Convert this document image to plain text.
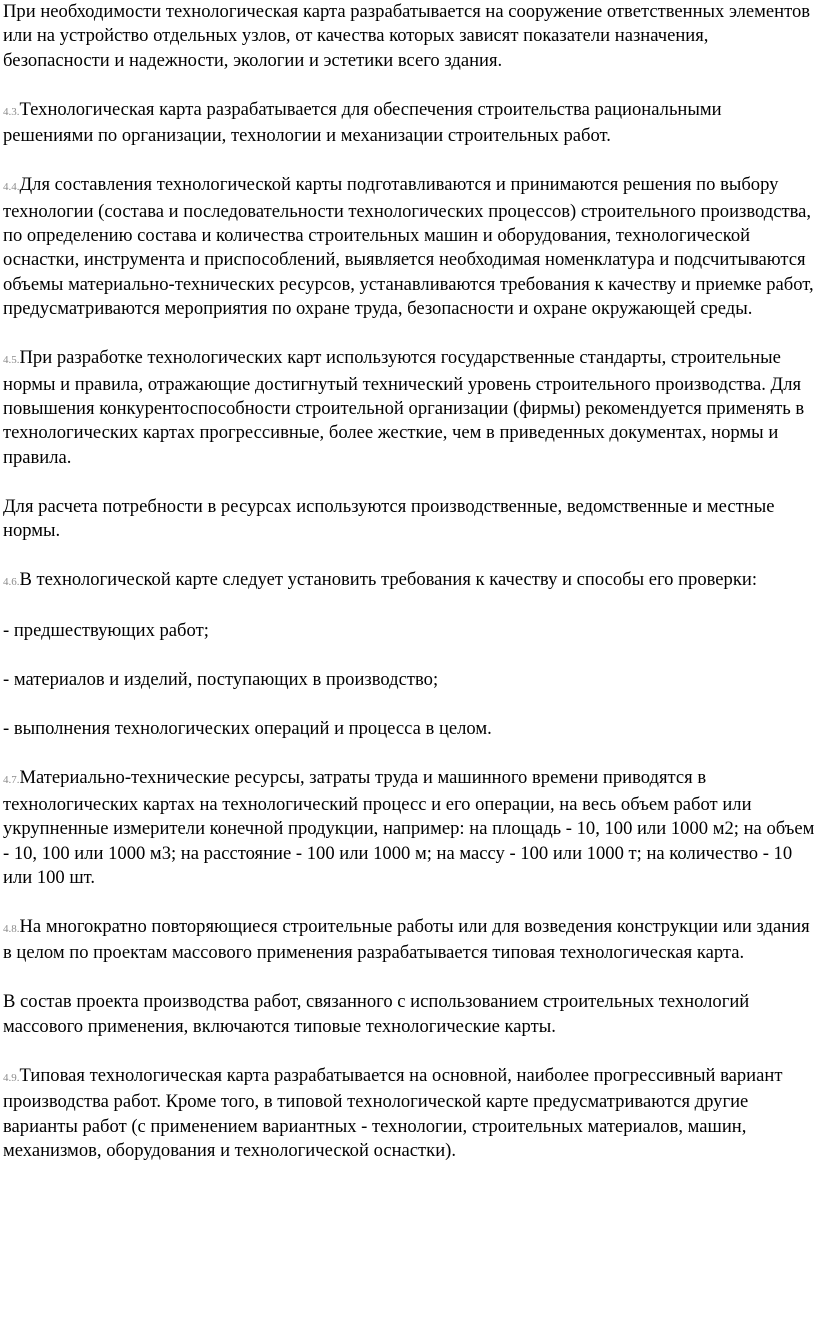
При необходимости технологическая карта разрабатывается на сооружение ответственных элементов или на устройство отдельных узлов, от качества которых зависят показатели назначения, безопасности и надежности, экологии и эстетики всего здания.

4.3.Технологическая карта разрабатывается для обеспечения строительства рациональными решениями по организации, технологии и механизации строительных работ.

4.4.Для составления технологической карты подготавливаются и принимаются решения по выбору технологии (состава и последовательности технологических процессов) строительного производства, по определению состава и количества строительных машин и оборудования, технологической оснастки, инструмента и приспособлений, выявляется необходимая номенклатура и подсчитываются объемы материально-технических ресурсов, устанавливаются требования к качеству и приемке работ, предусматриваются мероприятия по охране труда, безопасности и охране окружающей среды.

4.5.При разработке технологических карт используются государственные стандарты, строительные нормы и правила, отражающие достигнутый технический уровень строительного производства. Для повышения конкурентоспособности строительной организации (фирмы) рекомендуется применять в технологических картах прогрессивные, более жесткие, чем в приведенных документах, нормы и правила.

Для расчета потребности в ресурсах используются производственные, ведомственные и местные нормы.

4.6.В технологической карте следует установить требования к качеству и способы его проверки:

- предшествующих работ;

- материалов и изделий, поступающих в производство;

- выполнения технологических операций и процесса в целом.

4.7.Материально-технические ресурсы, затраты труда и машинного времени приводятся в технологических картах на технологический процесс и его операции, на весь объем работ или укрупненные измерители конечной продукции, например: на площадь - 10, 100 или 1000 м2; на объем - 10, 100 или 1000 м3; на расстояние - 100 или 1000 м; на массу - 100 или 1000 т; на количество - 10 или 100 шт.

4.8.На многократно повторяющиеся строительные работы или для возведения конструкции или здания в целом по проектам массового применения разрабатывается типовая технологическая карта.

В состав проекта производства работ, связанного с использованием строительных технологий массового применения, включаются типовые технологические карты.

4.9.Типовая технологическая карта разрабатывается на основной, наиболее прогрессивный вариант производства работ. Кроме того, в типовой технологической карте предусматриваются другие варианты работ (с применением вариантных - технологии, строительных материалов, машин, механизмов, оборудования и технологической оснастки).
